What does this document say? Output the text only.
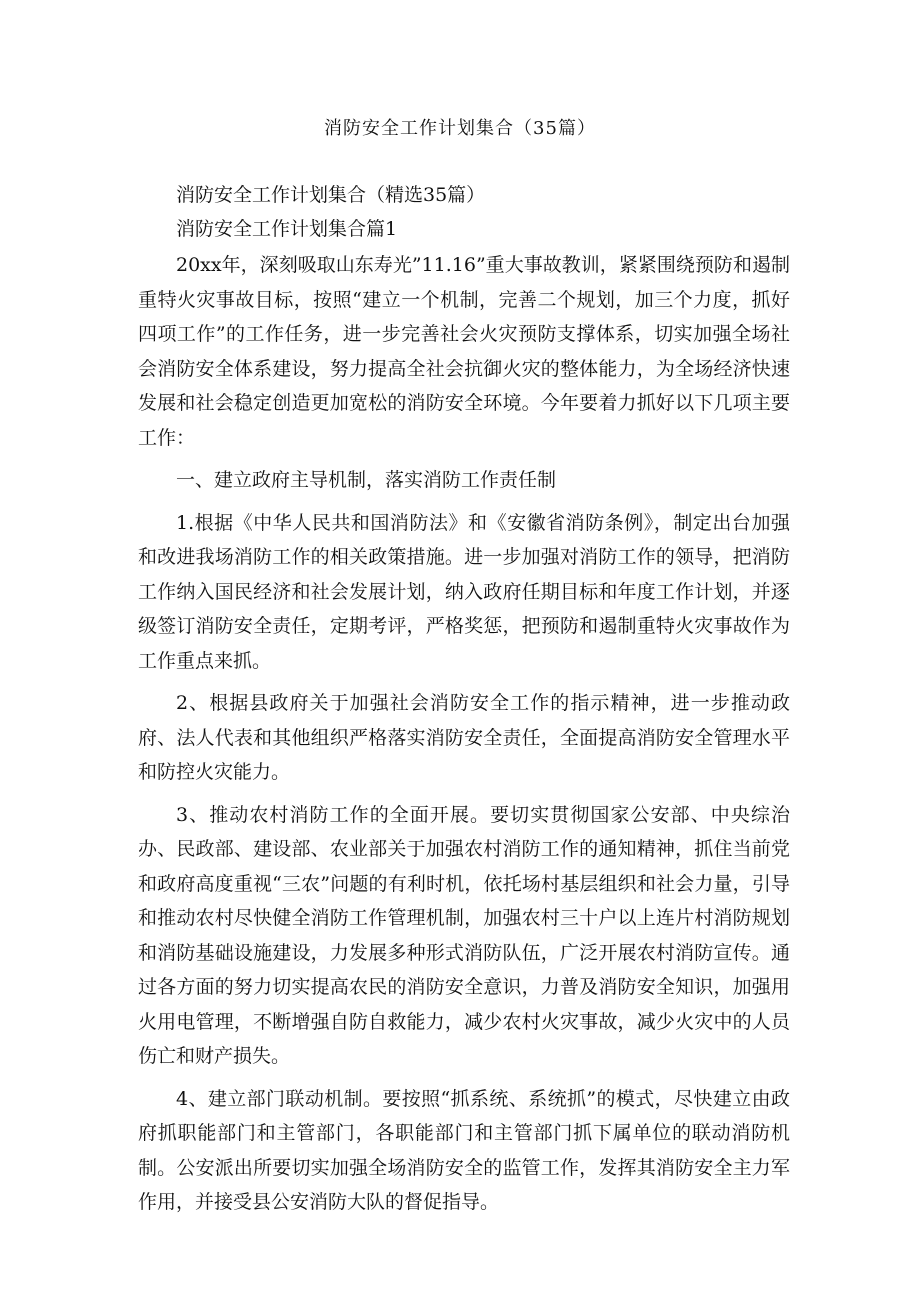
消防安全工作计划集合（35篇）
消防安全工作计划集合（精选35篇）
消防安全工作计划集合篇1

20xx年，深刻吸取山东寿光”11.16”重大事故教训，紧紧围绕预防和遏制重特火灾事故目标，按照“建立一个机制，完善二个规划，加三个力度，抓好四项工作”的工作任务，进一步完善社会火灾预防支撑体系，切实加强全场社会消防安全体系建设，努力提高全社会抗御火灾的整体能力，为全场经济快速发展和社会稳定创造更加宽松的消防安全环境。今年要着力抓好以下几项主要工作：

一、建立政府主导机制，落实消防工作责任制

1.根据《中华人民共和国消防法》和《安徽省消防条例》，制定出台加强和改进我场消防工作的相关政策措施。进一步加强对消防工作的领导，把消防工作纳入国民经济和社会发展计划，纳入政府任期目标和年度工作计划，并逐级签订消防安全责任，定期考评，严格奖惩，把预防和遏制重特火灾事故作为工作重点来抓。

2、根据县政府关于加强社会消防安全工作的指示精神，进一步推动政府、法人代表和其他组织严格落实消防安全责任，全面提高消防安全管理水平和防控火灾能力。

3、推动农村消防工作的全面开展。要切实贯彻国家公安部、中央综治办、民政部、建设部、农业部关于加强农村消防工作的通知精神，抓住当前党和政府高度重视“三农”问题的有利时机，依托场村基层组织和社会力量，引导和推动农村尽快健全消防工作管理机制，加强农村三十户以上连片村消防规划和消防基础设施建设，力发展多种形式消防队伍，广泛开展农村消防宣传。通过各方面的努力切实提高农民的消防安全意识，力普及消防安全知识，加强用火用电管理，不断增强自防自救能力，减少农村火灾事故，减少火灾中的人员伤亡和财产损失。

4、建立部门联动机制。要按照“抓系统、系统抓”的模式，尽快建立由政府抓职能部门和主管部门，各职能部门和主管部门抓下属单位的联动消防机制。公安派出所要切实加强全场消防安全的监管工作，发挥其消防安全主力军作用，并接受县公安消防大队的督促指导。
